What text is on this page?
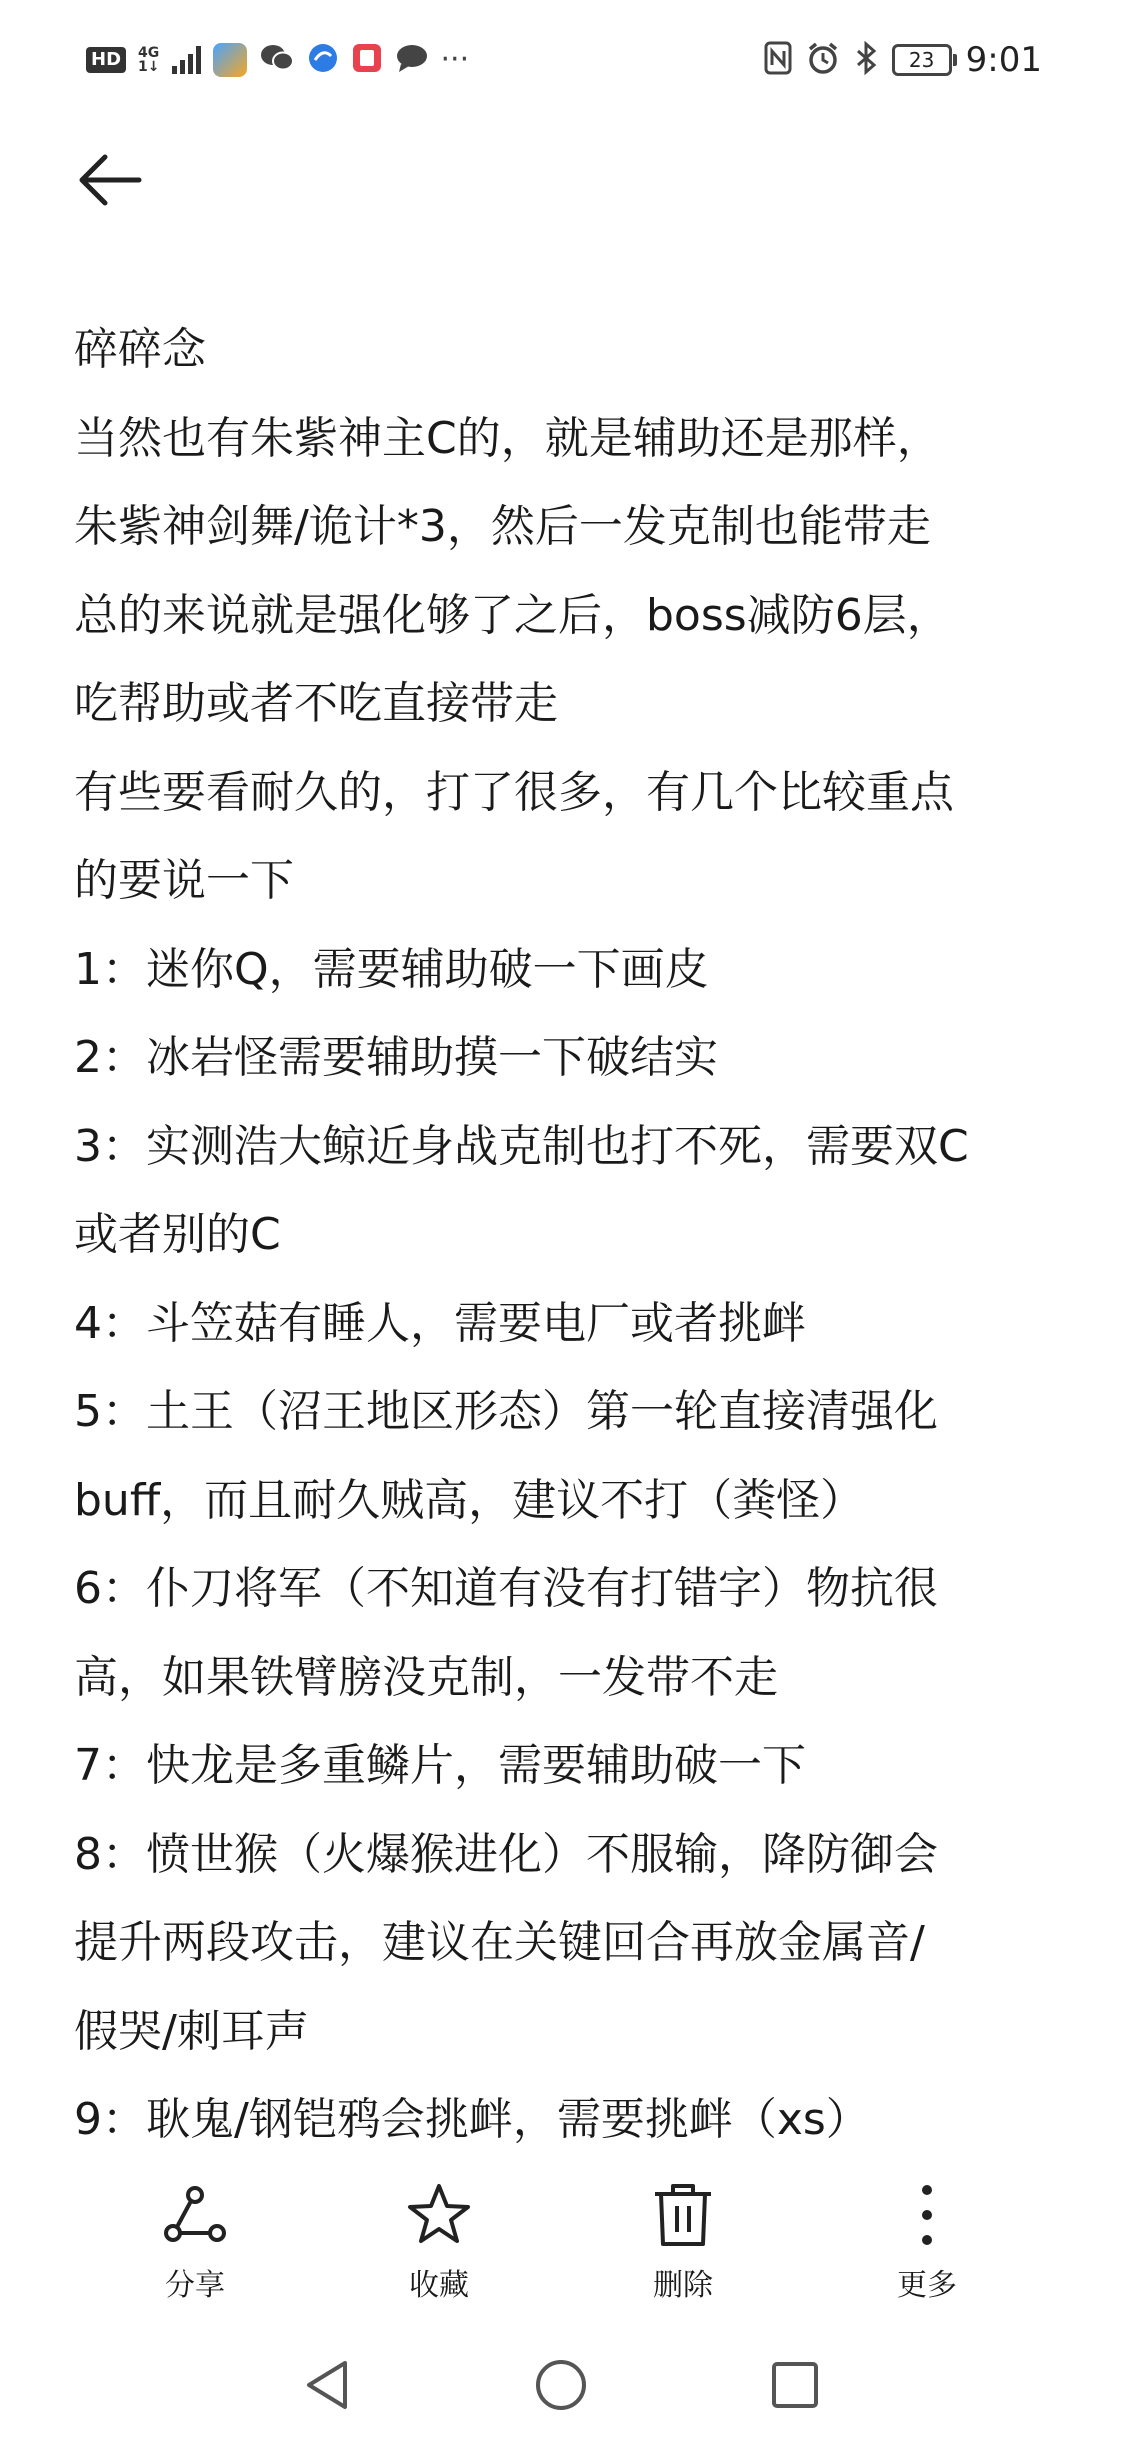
HD	4G
1↓	···	23 9:01
碎碎念
当然也有朱紫神主C的，就是辅助还是那样，
朱紫神剑舞/诡计*3，然后一发克制也能带走
总的来说就是强化够了之后，boss减防6层，
吃帮助或者不吃直接带走
有些要看耐久的，打了很多，有几个比较重点
的要说一下
1：迷你Q，需要辅助破一下画皮
2：冰岩怪需要辅助摸一下破结实
3：实测浩大鲸近身战克制也打不死，需要双C
或者别的C
4：斗笠菇有睡人，需要电厂或者挑衅
5：土王（沼王地区形态）第一轮直接清强化
buff，而且耐久贼高，建议不打（粪怪）
6：仆刀将军（不知道有没有打错字）物抗很
高，如果铁臂膀没克制，一发带不走
7：快龙是多重鳞片，需要辅助破一下
8：愤世猴（火爆猴进化）不服输，降防御会
提升两段攻击，建议在关键回合再放金属音/
假哭/刺耳声
9：耿鬼/钢铠鸦会挑衅，需要挑衅（xs）
分享	收藏	删除	更多
